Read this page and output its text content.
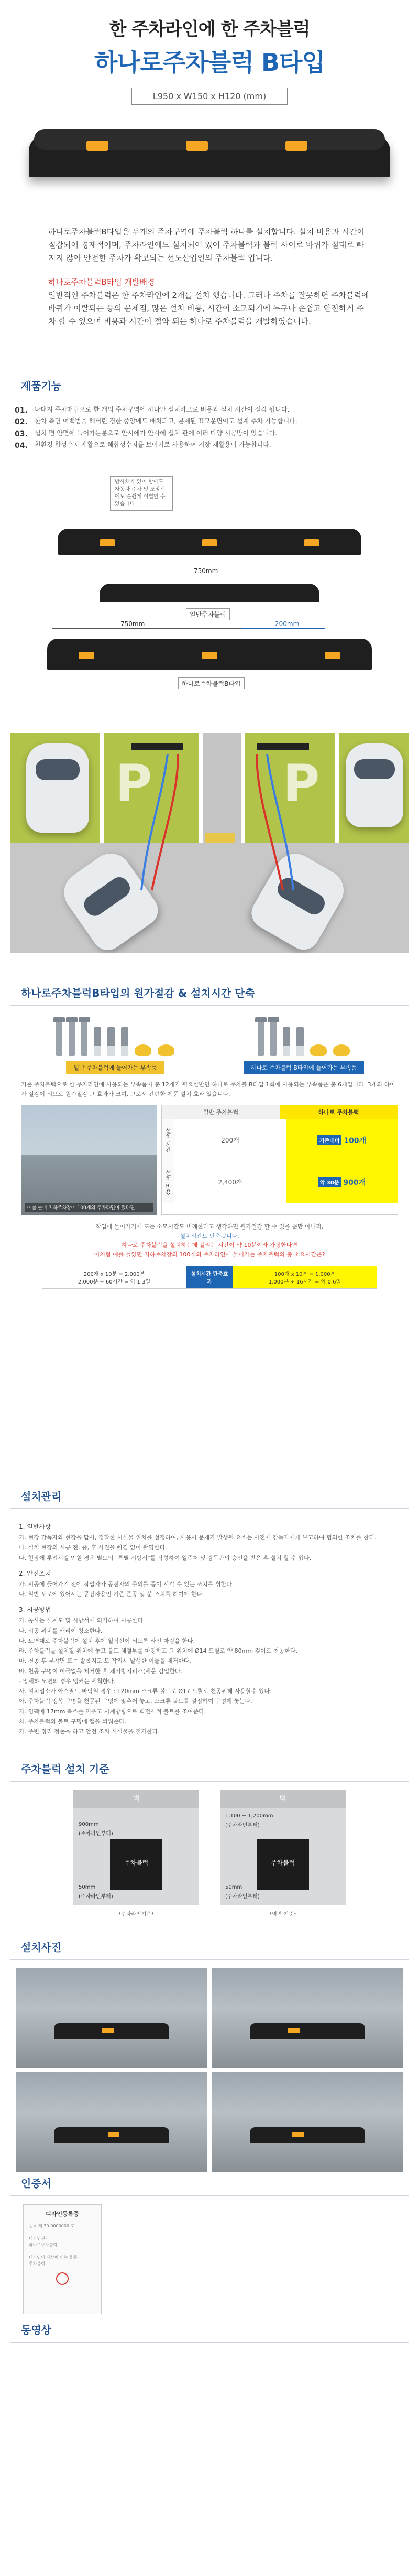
한 주차라인에 한 주차블럭
하나로주차블럭 B타입
L950 x W150 x H120 (mm)

하나로주차블럭B타입은 두개의 주차구역에 주차블럭 하나를 설치합니다. 설치 비용과 시간이 절감되어 경제적이며, 주차라인에도 설치되어 있어 주차블럭과 블럭 사이로 바퀴가 절대로 빠지지 않아 안전한 주차가 확보되는 선도산업인의 주차블럭 입니다.

하나로주차블럭B타입 개발배경
일반적인 주차블럭은 한 주차라인에 2개를 설치 했습니다. 그러나 주차를 잘못하면 주차블럭에 바퀴가 이탈되는 등의 문제점, 많은 설치 비용, 시간이 소모되기에 누구나 손쉽고 안전하게 주차 할 수 있으며 비용과 시간이 절약 되는 하나로 주차블럭을 개발하였습니다.

제품기능
01. 나대지 주차매립으로 한 개의 주차구역에 하나만 설치하므로 비용과 설치 시간이 절감 됩니다.
02. 한차 측면 여백범을 해버린 경한 중앙에도 배치되고, 문제된 표모운면이도 설계 주차 가능합니다.
03. 설치 면 안면에 들어가는분으로 안시에가 안사에 설치 판에 여러 다양 시공방이 있습니다.
04. 친환경 합성수지 재활으로 해합성수지를 보이기로 사용하여 저장 재활용이 가능합니다.
반사체가 있어 밤에도 자동차 주차 및 조망시에도 손쉽게 식별할 수 있습니다
750mm
일반주차블럭
750mm	200mm
하나로주차블럭B타입
P	P
하나로주차블럭B타입의 원가절감 & 설치시간 단축
일반 주차블럭에 들어가는 부속품	하나로 주차블럭 B타입에 들어가는 부속품
기존 주차블럭으로 한 주차라인에 사용되는 부속품이 총 12개가 필요한반면 하나로 주차블 B타입 1회에 사용되는 부속품은 총 6개입니다. 3개의 하이가 절감이 되므로 원가절감 그 효과가 크며, 그로서 간편한 제품 설치 효과 있습니다.
예를 들어 지하주차장에 100개의 주차라인이 있다면
일반 주차블럭	하나로 주차블럭
설치 시간	200개	기존대비 100개
설치 비용	2,400개	약 30분 900개
작업에 들어가기에 또는 소모시간도 비례한다고 생각하면 원가절감 할 수 있을 뿐만 아니라,
설치시간도 단축됩니다.
하나로 주차블럭을 설치하는데 걸리는 시간이 약 10분이라 가정한다면
이처럼 예를 들었던 지하주차장의 100개의 주차라인에 들어가는 주차블럭의 총 소요시간은?
200개 x 10분 = 2,000분
2,000분 ÷ 60시간 = 약 1.3일
설치시간 단축효과
100개 x 10분 = 1,000분
1,000분 ÷ 16시간 = 약 0.6일
설치관리
1. 일반사항
가. 현장 감독자와 현장을 답사, 정확한 시설물 위치를 선정하여, 사용시 문제가 발생될 요소는 사전에 감독자에게 보고하여 협의한 조치를 한다.
나. 설치 현장의 시공 전, 중, 후 사진을 빠짐 없이 촬영한다.
다. 현장에 투입시킬 인원 경우 별도의 "특별 시방서"를 작성하여 일주처 및 감독관의 승인을 받은 후 설치 할 수 있다.
2. 안전조치
가. 시공에 들어가기 전에 작업자가 공진자의 주의를 좀이 시킬 수 있는 조치를 취한다.
나. 일반 도로에 있어서는 공진자용인 기존 준공 및 분 조치를 하여야 한다.
3. 시공방법
가. 공사는 설계도 및 시방서에 의거하여 시공한다.
나. 시공 위치를 캐리이 청소한다.
다. 도면대로 주차블럭이 설치 후에 일직선이 되도록 라인 마킹을 한다.
라. 주차블럭을 설치할 위치에 놓고 볼트 체결부를 마킹하고 그 위치에 Ø14 드릴로 약 80mm 깊이로 천공한다.
마. 천공 후 부착면 또는 솔롭지도 도 작업시 발생한 이물을 제거한다.
바. 천공 구멍이 이물없을 제거한 후 체기방지피스(세웁 검입한다.
- 망세하 노면의 경우 앵커는 세척한다.
사. 설치업소가 아스팔트 바닥일 경우 : 120mm 스크류 볼트로 Ø17 드릴로 천공위해 사용할수 있다.
아. 주차블럭 앵복 구멍을 천공된 구멍에 맞추어 놓고, 스크류 볼트를 설정하여 구멍에 놓는다.
자. 임팩에 17mm 복스를 끼우고 시계방향으로 회전시켜 볼트를 조여준다.
차. 주차블럭의 볼트 구멍에 캡을 씌워준다.
카. 주변 정리 정돈을 하고 안전 조치 시설물을 철거한다.
주차블럭 설치 기준
벽
900mm
(주차라인부터)
주차블럭
50mm
(주차라인부터)
*주차라인기준*
벽
1,100 ~ 1,200mm
(주차라인부터)
주차블럭
50mm
(주차라인부터)
*벽면 기준*
설치사진
인증서
디자인등록증
등록 제 30-0000000 호

디자인권자
하나로주차블럭

디자인의 대상이 되는 물품
주차블럭
동영상
